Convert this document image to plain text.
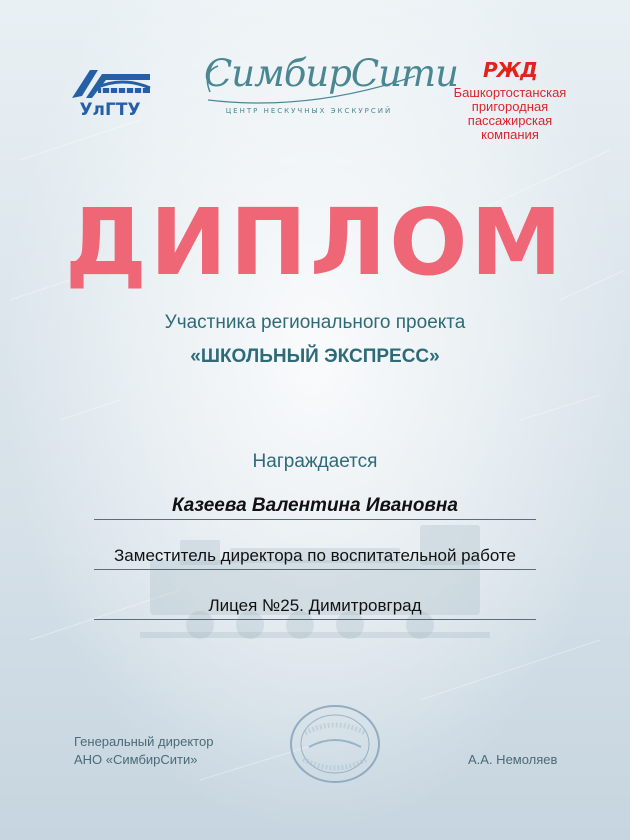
УлГТУ
СимбирСити
ЦЕНТР НЕСКУЧНЫХ ЭКСКУРСИЙ
РЖД
Башкортостанская пригородная пассажирская компания
ДИПЛОМ
Участника регионального проекта
«ШКОЛЬНЫЙ ЭКСПРЕСС»
Награждается
Казеева Валентина Ивановна
Заместитель директора по воспитательной работе
Лицея №25. Димитровград
Генеральный директор
АНО «СимбирСити»	А.А. Немоляев
